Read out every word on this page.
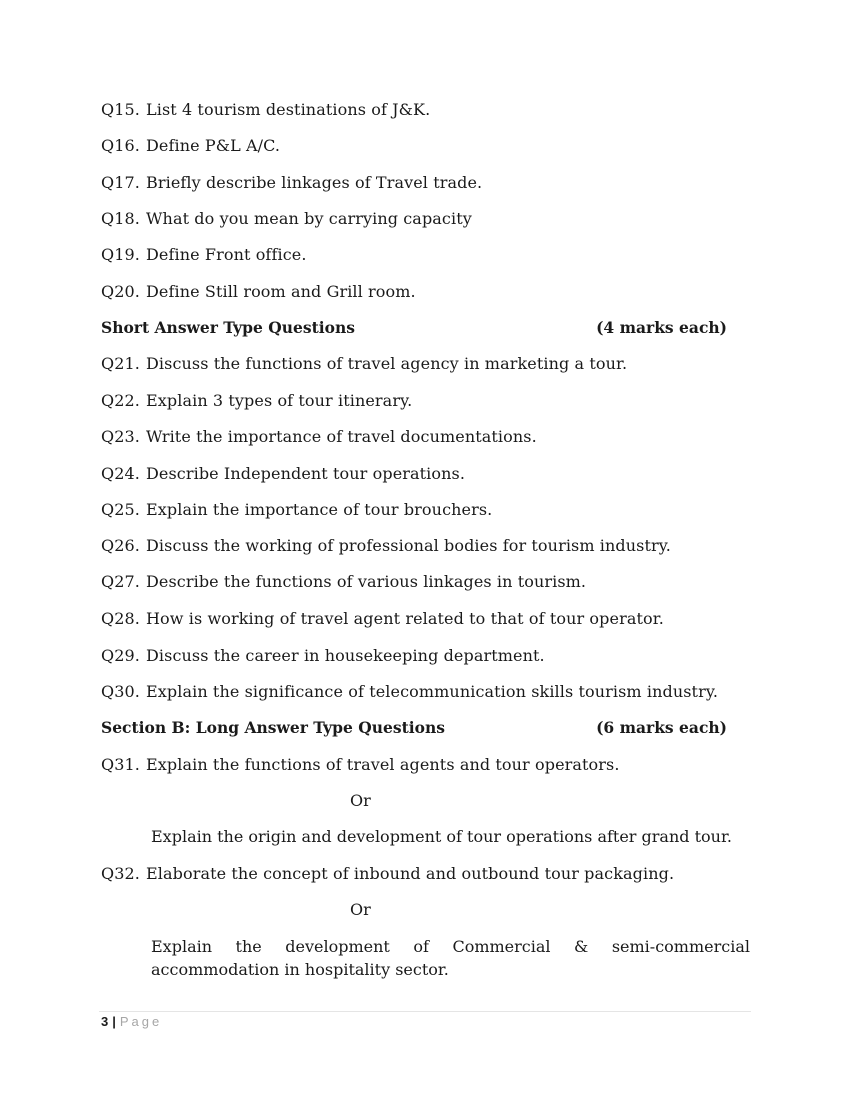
Q15. List 4 tourism destinations of J&K.
Q16. Define P&L A/C.
Q17. Briefly describe linkages of Travel trade.
Q18. What do you mean by carrying capacity
Q19. Define Front office.
Q20. Define Still room and Grill room.
Short Answer Type Questions	(4 marks each)
Q21. Discuss the functions of travel agency in marketing a tour.
Q22. Explain 3 types of tour itinerary.
Q23. Write the importance of travel documentations.
Q24. Describe Independent tour operations.
Q25. Explain the importance of tour brouchers.
Q26. Discuss the working of professional bodies for tourism industry.
Q27. Describe the functions of various linkages in tourism.
Q28. How is working of travel agent related to that of tour operator.
Q29. Discuss the career in housekeeping department.
Q30. Explain the significance of telecommunication skills tourism industry.
Section B: Long Answer Type Questions	(6 marks each)
Q31. Explain the functions of travel agents and tour operators.
Or
Explain the origin and development of tour operations after grand tour.
Q32. Elaborate the concept of inbound and outbound tour packaging.
Or
Explain the development of Commercial & semi-commercial
accommodation in hospitality sector.
3 | Page
